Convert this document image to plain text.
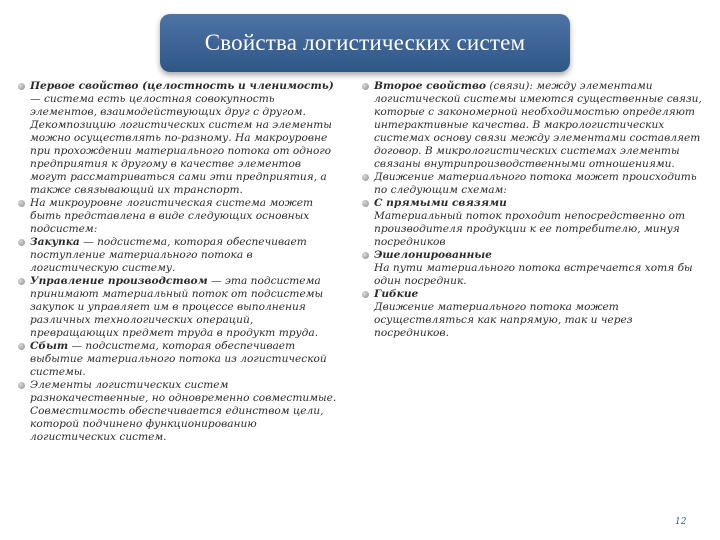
Свойства логистических систем
Первое свойство (целостность и членимость) — система есть целостная совокупность элементов, взаимодействующих друг с другом. Декомпозицию логистических систем на элементы можно осуществлять по-разному. На макроуровне при прохождении материального потока от одного предприятия к другому в качестве элементов могут рассматриваться сами эти предприятия, а также связывающий их транспорт.
На микроуровне логистическая система может быть представлена в виде следующих основных подсистем:
Закупка — подсистема, которая обеспечивает поступление материального потока в логистическую систему.
Управление производством — эта подсистема принимают материальный поток от подсистемы закупок и управляет им в процессе выполнения различных технологических операций, превращающих предмет труда в продукт труда.
Сбыт — подсистема, которая обеспечивает выбытие материального потока из логистической системы.
Элементы логистических систем разнокачественные, но одновременно совместимые. Совместимость обеспечивается единством цели, которой подчинено функционированию логистических систем.
Второе свойство (связи): между элементами логистической системы имеются существенные связи, которые с закономерной необходимостью определяют интерактивные качества. В макрологистических системах основу связи между элементами составляет договор. В микрологистических системах элементы связаны внутрипроизводственными отношениями.
Движение материального потока может происходить по следующим схемам:
С прямыми связями
Материальный поток проходит непосредственно от производителя продукции к ее потребителю, минуя посредников
Эшелонированные
На пути материального потока встречается хотя бы один посредник.
Гибкие
Движение материального потока может осуществляться как напрямую, так и через посредников.
12
